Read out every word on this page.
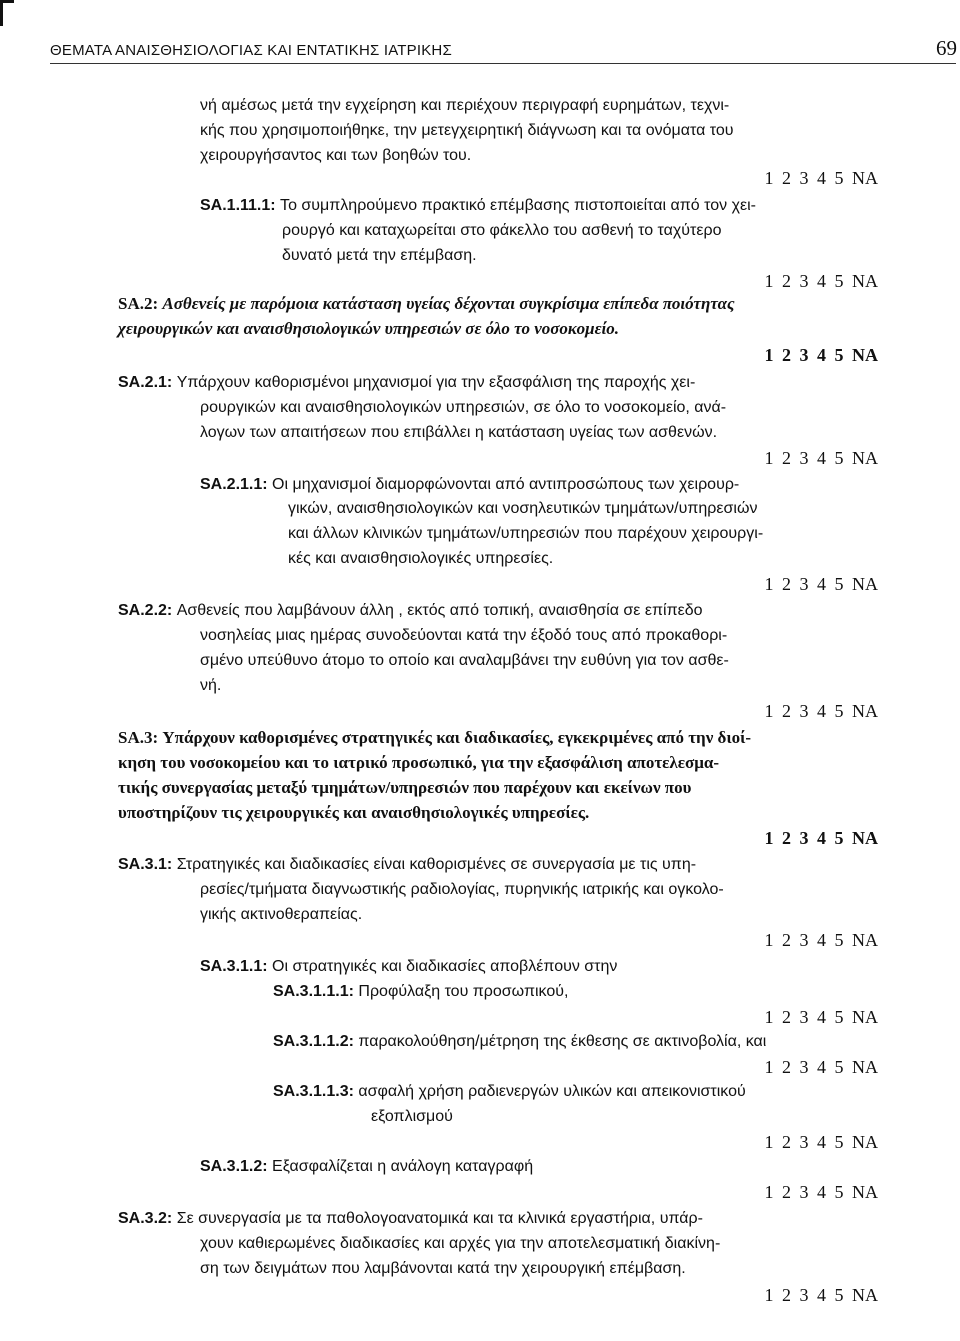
ΘΕΜΑΤΑ ΑΝΑΙΣΘΗΣΙΟΛΟΓΙΑΣ ΚΑΙ ΕΝΤΑΤΙΚΗΣ ΙΑΤΡΙΚΗΣ	69
νή αμέσως μετά την εγχείρηση και περιέχουν περιγραφή ευρημάτων, τεχνι-
κής που χρησιμοποιήθηκε, την μετεγχειρητική διάγνωση και τα ονόματα του
χειρουργήσαντος και των βοηθών του.
1 2 3 4 5 ΝΑ
SA.1.11.1: Το συμπληρούμενο πρακτικό επέμβασης πιστοποιείται από τον χει-
ρουργό και καταχωρείται στο φάκελλο του ασθενή το ταχύτερο
δυνατό μετά την επέμβαση.
1 2 3 4 5 ΝΑ
SA.2: Ασθενείς με παρόμοια κατάσταση υγείας δέχονται συγκρίσιμα επίπεδα ποιότητας
χειρουργικών και αναισθησιολογικών υπηρεσιών σε όλο το νοσοκομείο.
1 2 3 4 5 ΝΑ
SA.2.1: Υπάρχουν καθορισμένοι μηχανισμοί για την εξασφάλιση της παροχής χει-
ρουργικών και αναισθησιολογικών υπηρεσιών, σε όλο το νοσοκομείο, ανά-
λογων των απαιτήσεων που επιβάλλει η κατάσταση υγείας των ασθενών.
1 2 3 4 5 ΝΑ
SA.2.1.1: Οι μηχανισμοί διαμορφώνονται από αντιπροσώπους των χειρουρ-
γικών, αναισθησιολογικών και νοσηλευτικών τμημάτων/υπηρεσιών
και άλλων κλινικών τμημάτων/υπηρεσιών που παρέχουν χειρουργι-
κές και αναισθησιολογικές υπηρεσίες.
1 2 3 4 5 ΝΑ
SA.2.2: Ασθενείς που λαμβάνουν άλλη , εκτός από τοπική, αναισθησία σε επίπεδο
νοσηλείας μιας ημέρας συνοδεύονται κατά την έξοδό τους από προκαθορι-
σμένο υπεύθυνο άτομο το οποίο και αναλαμβάνει την ευθύνη για τον ασθε-
νή.
1 2 3 4 5 ΝΑ
SA.3: Υπάρχουν καθορισμένες στρατηγικές και διαδικασίες, εγκεκριμένες από την διοί-
κηση του νοσοκομείου και το ιατρικό προσωπικό, για την εξασφάλιση αποτελεσμα-
τικής συνεργασίας μεταξύ τμημάτων/υπηρεσιών που παρέχουν και εκείνων που
υποστηρίζουν τις χειρουργικές και αναισθησιολογικές υπηρεσίες.
1 2 3 4 5 ΝΑ
SA.3.1: Στρατηγικές και διαδικασίες είναι καθορισμένες σε συνεργασία με τις υπη-
ρεσίες/τμήματα διαγνωστικής ραδιολογίας, πυρηνικής ιατρικής και ογκολο-
γικής ακτινοθεραπείας.
1 2 3 4 5 ΝΑ
SA.3.1.1: Οι στρατηγικές και διαδικασίες αποβλέπουν στην
SA.3.1.1.1: Προφύλαξη του προσωπικού,
1 2 3 4 5 ΝΑ
SA.3.1.1.2: παρακολούθηση/μέτρηση της έκθεσης σε ακτινοβολία, και
1 2 3 4 5 ΝΑ
SA.3.1.1.3: ασφαλή χρήση ραδιενεργών υλικών και απεικονιστικού
εξοπλισμού
1 2 3 4 5 ΝΑ
SA.3.1.2: Εξασφαλίζεται η ανάλογη καταγραφή
1 2 3 4 5 ΝΑ
SA.3.2: Σε συνεργασία με τα παθολογοανατομικά και τα κλινικά εργαστήρια, υπάρ-
χουν καθιερωμένες διαδικασίες και αρχές για την αποτελεσματική διακίνη-
ση των δειγμάτων που λαμβάνονται κατά την χειρουργική επέμβαση.
1 2 3 4 5 ΝΑ
